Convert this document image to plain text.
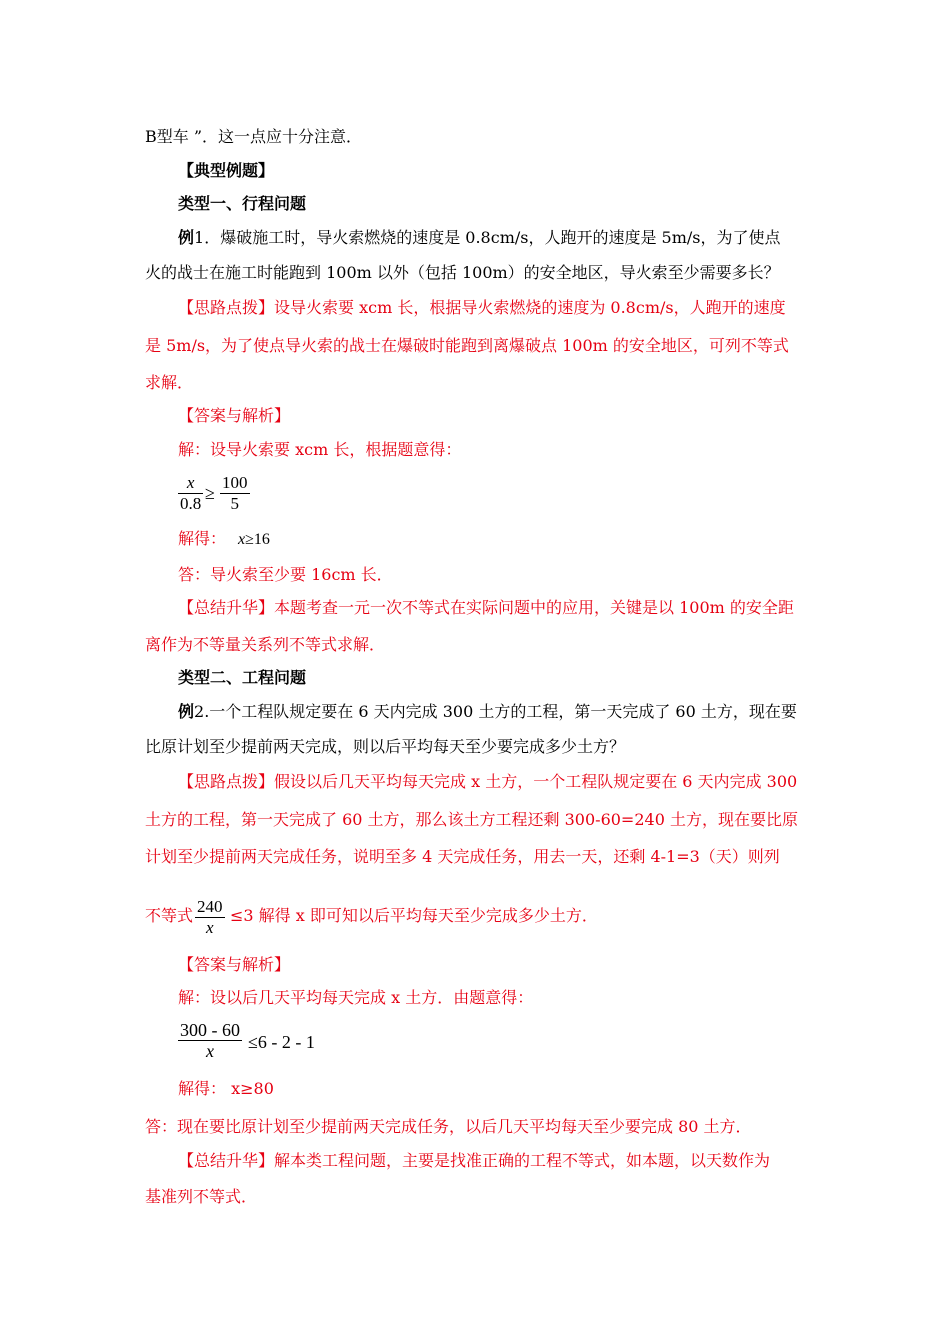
B型车 ”．这一点应十分注意．
【典型例题】
类型一、行程问题
例1．爆破施工时，导火索燃烧的速度是 0.8cm/s，人跑开的速度是 5m/s，为了使点
火的战士在施工时能跑到 100m 以外（包括 100m）的安全地区，导火索至少需要多长？
【思路点拨】设导火索要 xcm 长，根据导火索燃烧的速度为 0.8cm/s，人跑开的速度
是 5m/s，为了使点导火索的战士在爆破时能跑到离爆破点 100m 的安全地区，可列不等式
求解．
【答案与解析】
解：设导火索要 xcm 长，根据题意得：
x
0.8
≥
100
5
解得： x≥16
答：导火索至少要 16cm 长．
【总结升华】本题考查一元一次不等式在实际问题中的应用，关键是以 100m 的安全距
离作为不等量关系列不等式求解．
类型二、工程问题
例2.一个工程队规定要在 6 天内完成 300 土方的工程，第一天完成了 60 土方，现在要
比原计划至少提前两天完成，则以后平均每天至少要完成多少土方？
【思路点拨】假设以后几天平均每天完成 x 土方，一个工程队规定要在 6 天内完成 300
土方的工程，第一天完成了 60 土方，那么该土方工程还剩 300-60=240 土方，现在要比原
计划至少提前两天完成任务，说明至多 4 天完成任务，用去一天，还剩 4-1=3（天）则列
不等式 240
x
≤3 解得 x 即可知以后平均每天至少完成多少土方．
【答案与解析】
解：设以后几天平均每天完成 x 土方．由题意得：
300 - 60
x ≤6 - 2 - 1
解得： x≥80
答：现在要比原计划至少提前两天完成任务，以后几天平均每天至少要完成 80 土方．
【总结升华】解本类工程问题，主要是找准正确的工程不等式，如本题，以天数作为
基准列不等式．
